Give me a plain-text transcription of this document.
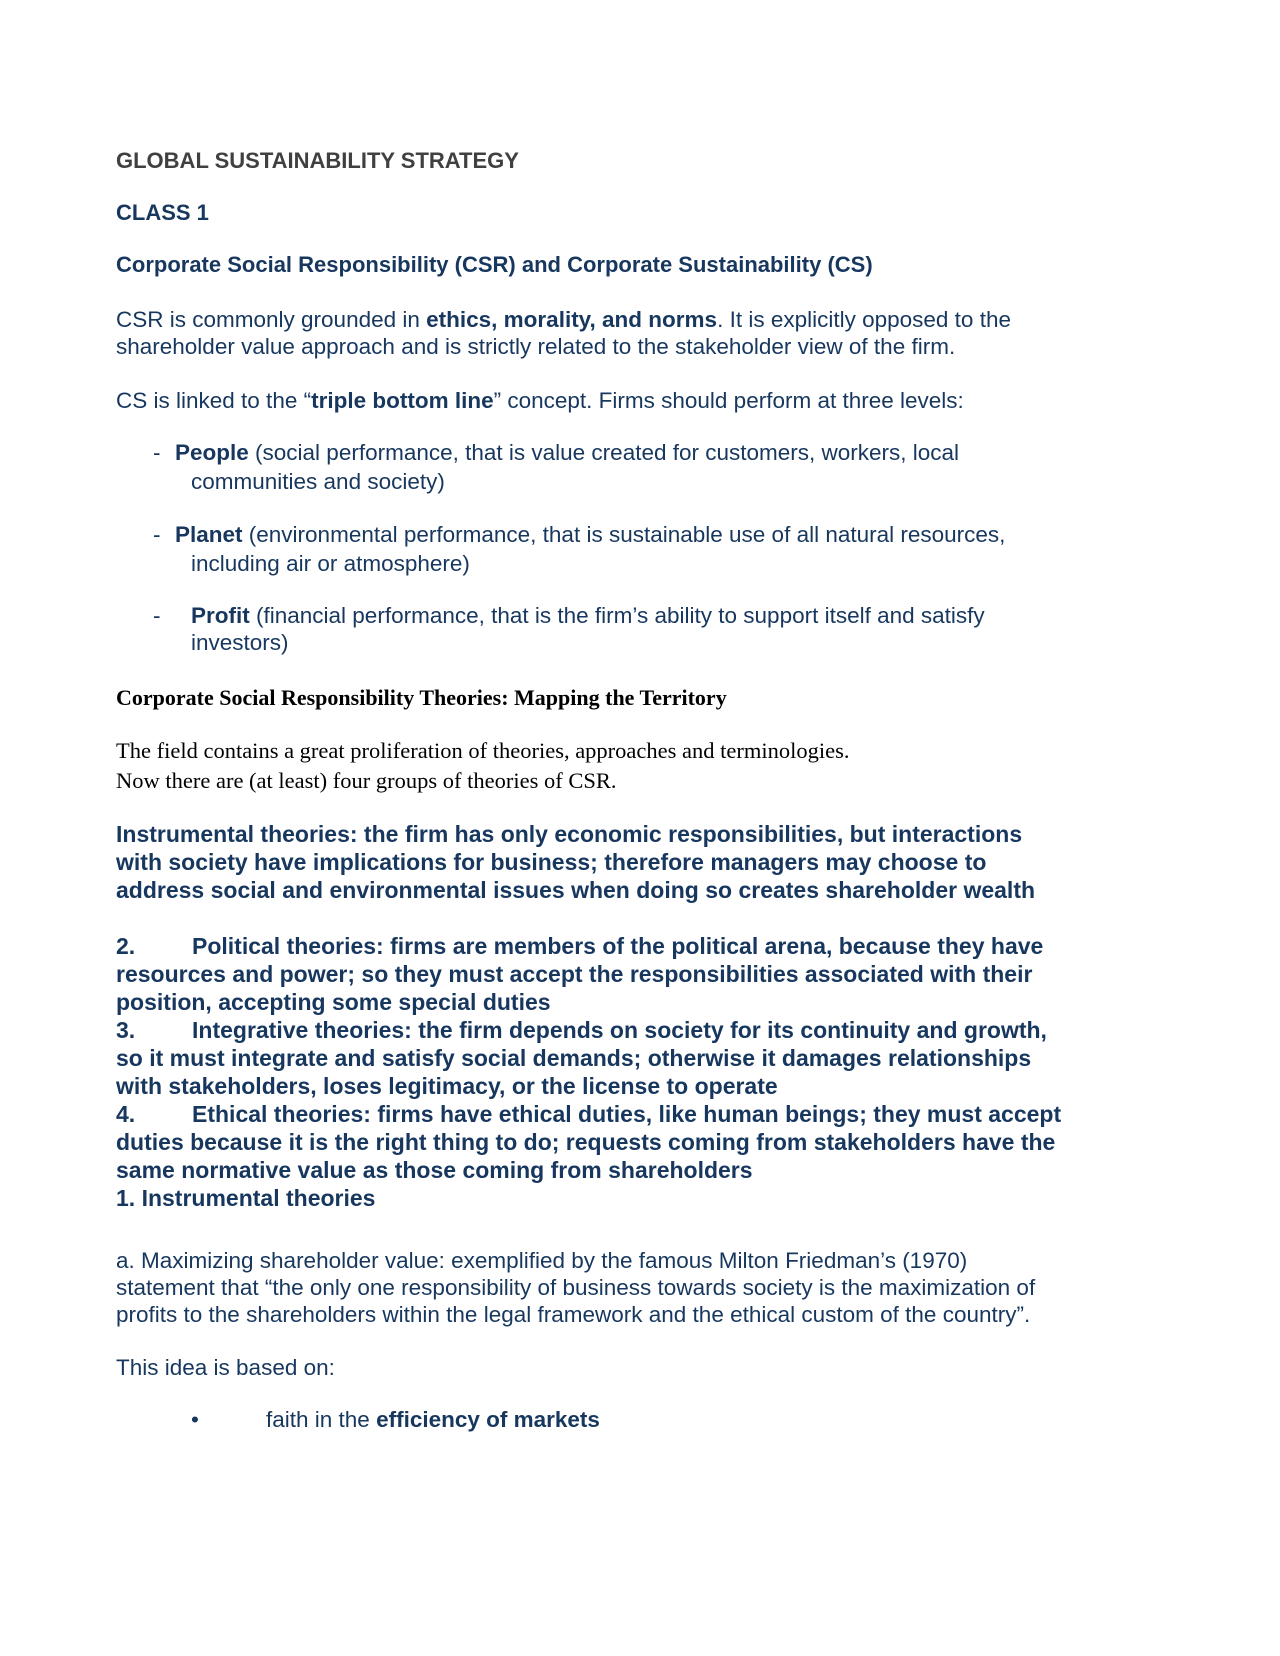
GLOBAL SUSTAINABILITY STRATEGY
CLASS 1
Corporate Social Responsibility (CSR) and Corporate Sustainability (CS)
CSR is commonly grounded in ethics, morality, and norms. It is explicitly opposed to the
shareholder value approach and is strictly related to the stakeholder view of the firm.
CS is linked to the “triple bottom line” concept. Firms should perform at three levels:
- People (social performance, that is value created for customers, workers, local
communities and society)
- Planet (environmental performance, that is sustainable use of all natural resources,
including air or atmosphere)
- Profit (financial performance, that is the firm’s ability to support itself and satisfy
investors)
Corporate Social Responsibility Theories: Mapping the Territory
The field contains a great proliferation of theories, approaches and terminologies.
Now there are (at least) four groups of theories of CSR.
Instrumental theories: the firm has only economic responsibilities, but interactions
with society have implications for business; therefore managers may choose to
address social and environmental issues when doing so creates shareholder wealth
2. Political theories: firms are members of the political arena, because they have
resources and power; so they must accept the responsibilities associated with their
position, accepting some special duties
3. Integrative theories: the firm depends on society for its continuity and growth,
so it must integrate and satisfy social demands; otherwise it damages relationships
with stakeholders, loses legitimacy, or the license to operate
4. Ethical theories: firms have ethical duties, like human beings; they must accept
duties because it is the right thing to do; requests coming from stakeholders have the
same normative value as those coming from shareholders
1. Instrumental theories
a. Maximizing shareholder value: exemplified by the famous Milton Friedman’s (1970)
statement that “the only one responsibility of business towards society is the maximization of
profits to the shareholders within the legal framework and the ethical custom of the country”.
This idea is based on:
•	faith in the efficiency of markets
